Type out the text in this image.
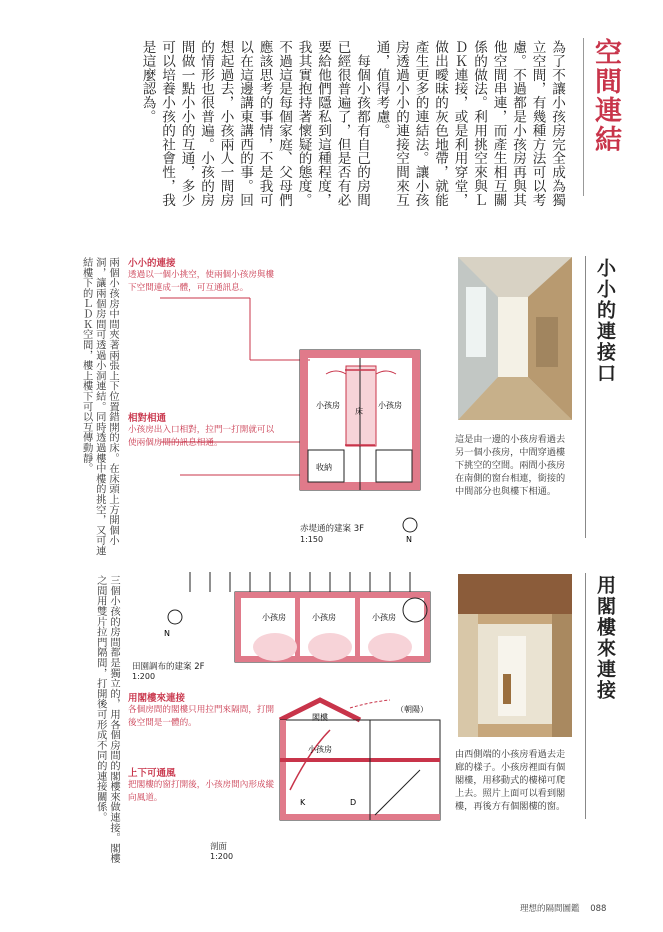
空間連結
為了不讓小孩房完全成為獨立空間，有幾種方法可以考慮。不過都是小孩房再與其他空間串連，而產生相互關係的做法。利用挑空來與ＬＤＫ連接，或是利用穿堂，做出曖昧的灰色地帶，就能產生更多的連結法。讓小孩房透過小小的連接空間來互通，值得考慮。
　每個小孩都有自己的房間已經很普遍了，但是否有必要給他們隱私到這種程度，我其實抱持著懷疑的態度。不過這是每個家庭、父母們應該思考的事情，不是我可以在這邊講東講西的事。回想起過去，小孩兩人一間房的情形也很普遍。小孩的房間做一點小小的互通，多少可以培養小孩的社會性，我是這麼認為。
小小的連接口
這是由一邊的小孩房看過去另一個小孩房，中間穿過樓下挑空的空間。兩間小孩房在南側的窗台相連，銜接的中間部分也與樓下相通。
兩個小孩房中間夾著兩張上下位置錯開的床。在床頭上方開個小洞，讓兩個房間可透過小洞連結。同時透過樓中樓的挑空，又可連結樓下的ＬＤＫ空間，樓上樓下可以互傳動靜。	小小的連接
透過以一個小挑空，使兩個小孩房與樓下空間連成一體，可互通訊息。
相對相通
小孩房出入口相對，拉門一打開就可以使兩個房間的訊息相通。
小孩房	小孩房
床
收納
N
赤堤通的建案 3F
1:150
用閣樓來連接
由西側端的小孩房看過去走廊的樣子。小孩房裡面有個閣樓，用移動式的樓梯可爬上去。照片上面可以看到閣樓，再後方有個閣樓的窗。
三個小孩的房間都是獨立的，用各個房間的閣樓來做連接。閣樓之間用雙片拉門隔間，打開後可形成不同的連接關係。	小孩房	小孩房	小孩房
N
田園調布的建案 2F
1:200
用閣樓來連接
各個房間的閣樓只用拉門來隔間，打開後空間是一體的。
上下可通風
把閣樓的窗打開後，小孩房間內形成縱向風道。
閣樓
小孩房
K	D
（朝陽）
剖面
1:200
理想的隔間圖鑑 088
